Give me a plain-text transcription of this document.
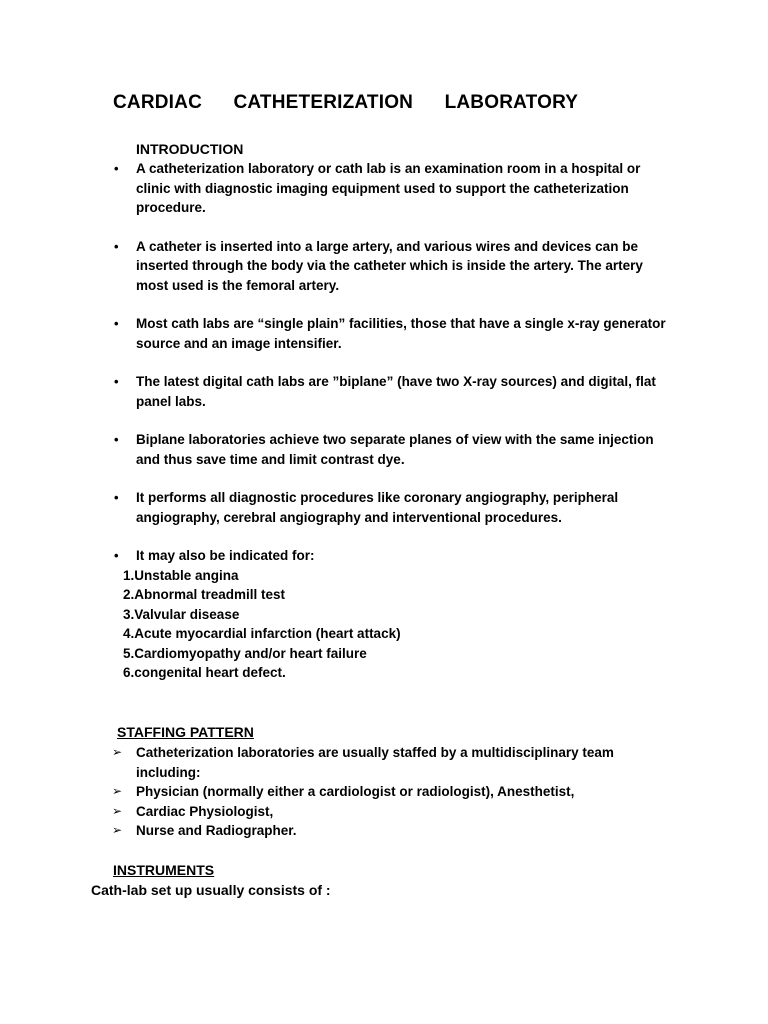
CARDIAC CATHETERIZATION LABORATORY
INTRODUCTION
• A catheterization laboratory or cath lab is an examination room in a hospital or clinic with diagnostic imaging equipment used to support the catheterization procedure.
• A catheter is inserted into a large artery, and various wires and devices can be inserted through the body via the catheter which is inside the artery. The artery most used is the femoral artery.
• Most cath labs are “single plain” facilities, those that have a single x-ray generator source and an image intensifier.
• The latest digital cath labs are ”biplane” (have two X-ray sources) and digital, flat panel labs.
• Biplane laboratories achieve two separate planes of view with the same injection and thus save time and limit contrast dye.
• It performs all diagnostic procedures like coronary angiography, peripheral angiography, cerebral angiography and interventional procedures.
• It may also be indicated for:
1.Unstable angina
2.Abnormal treadmill test
3.Valvular disease
4.Acute myocardial infarction (heart attack)
5.Cardiomyopathy and/or heart failure
6.congenital heart defect.
STAFFING PATTERN
➢ Catheterization laboratories are usually staffed by a multidisciplinary team including:
➢ Physician (normally either a cardiologist or radiologist), Anesthetist,
➢ Cardiac Physiologist,
➢ Nurse and Radiographer.
INSTRUMENTS
Cath-lab set up usually consists of :
